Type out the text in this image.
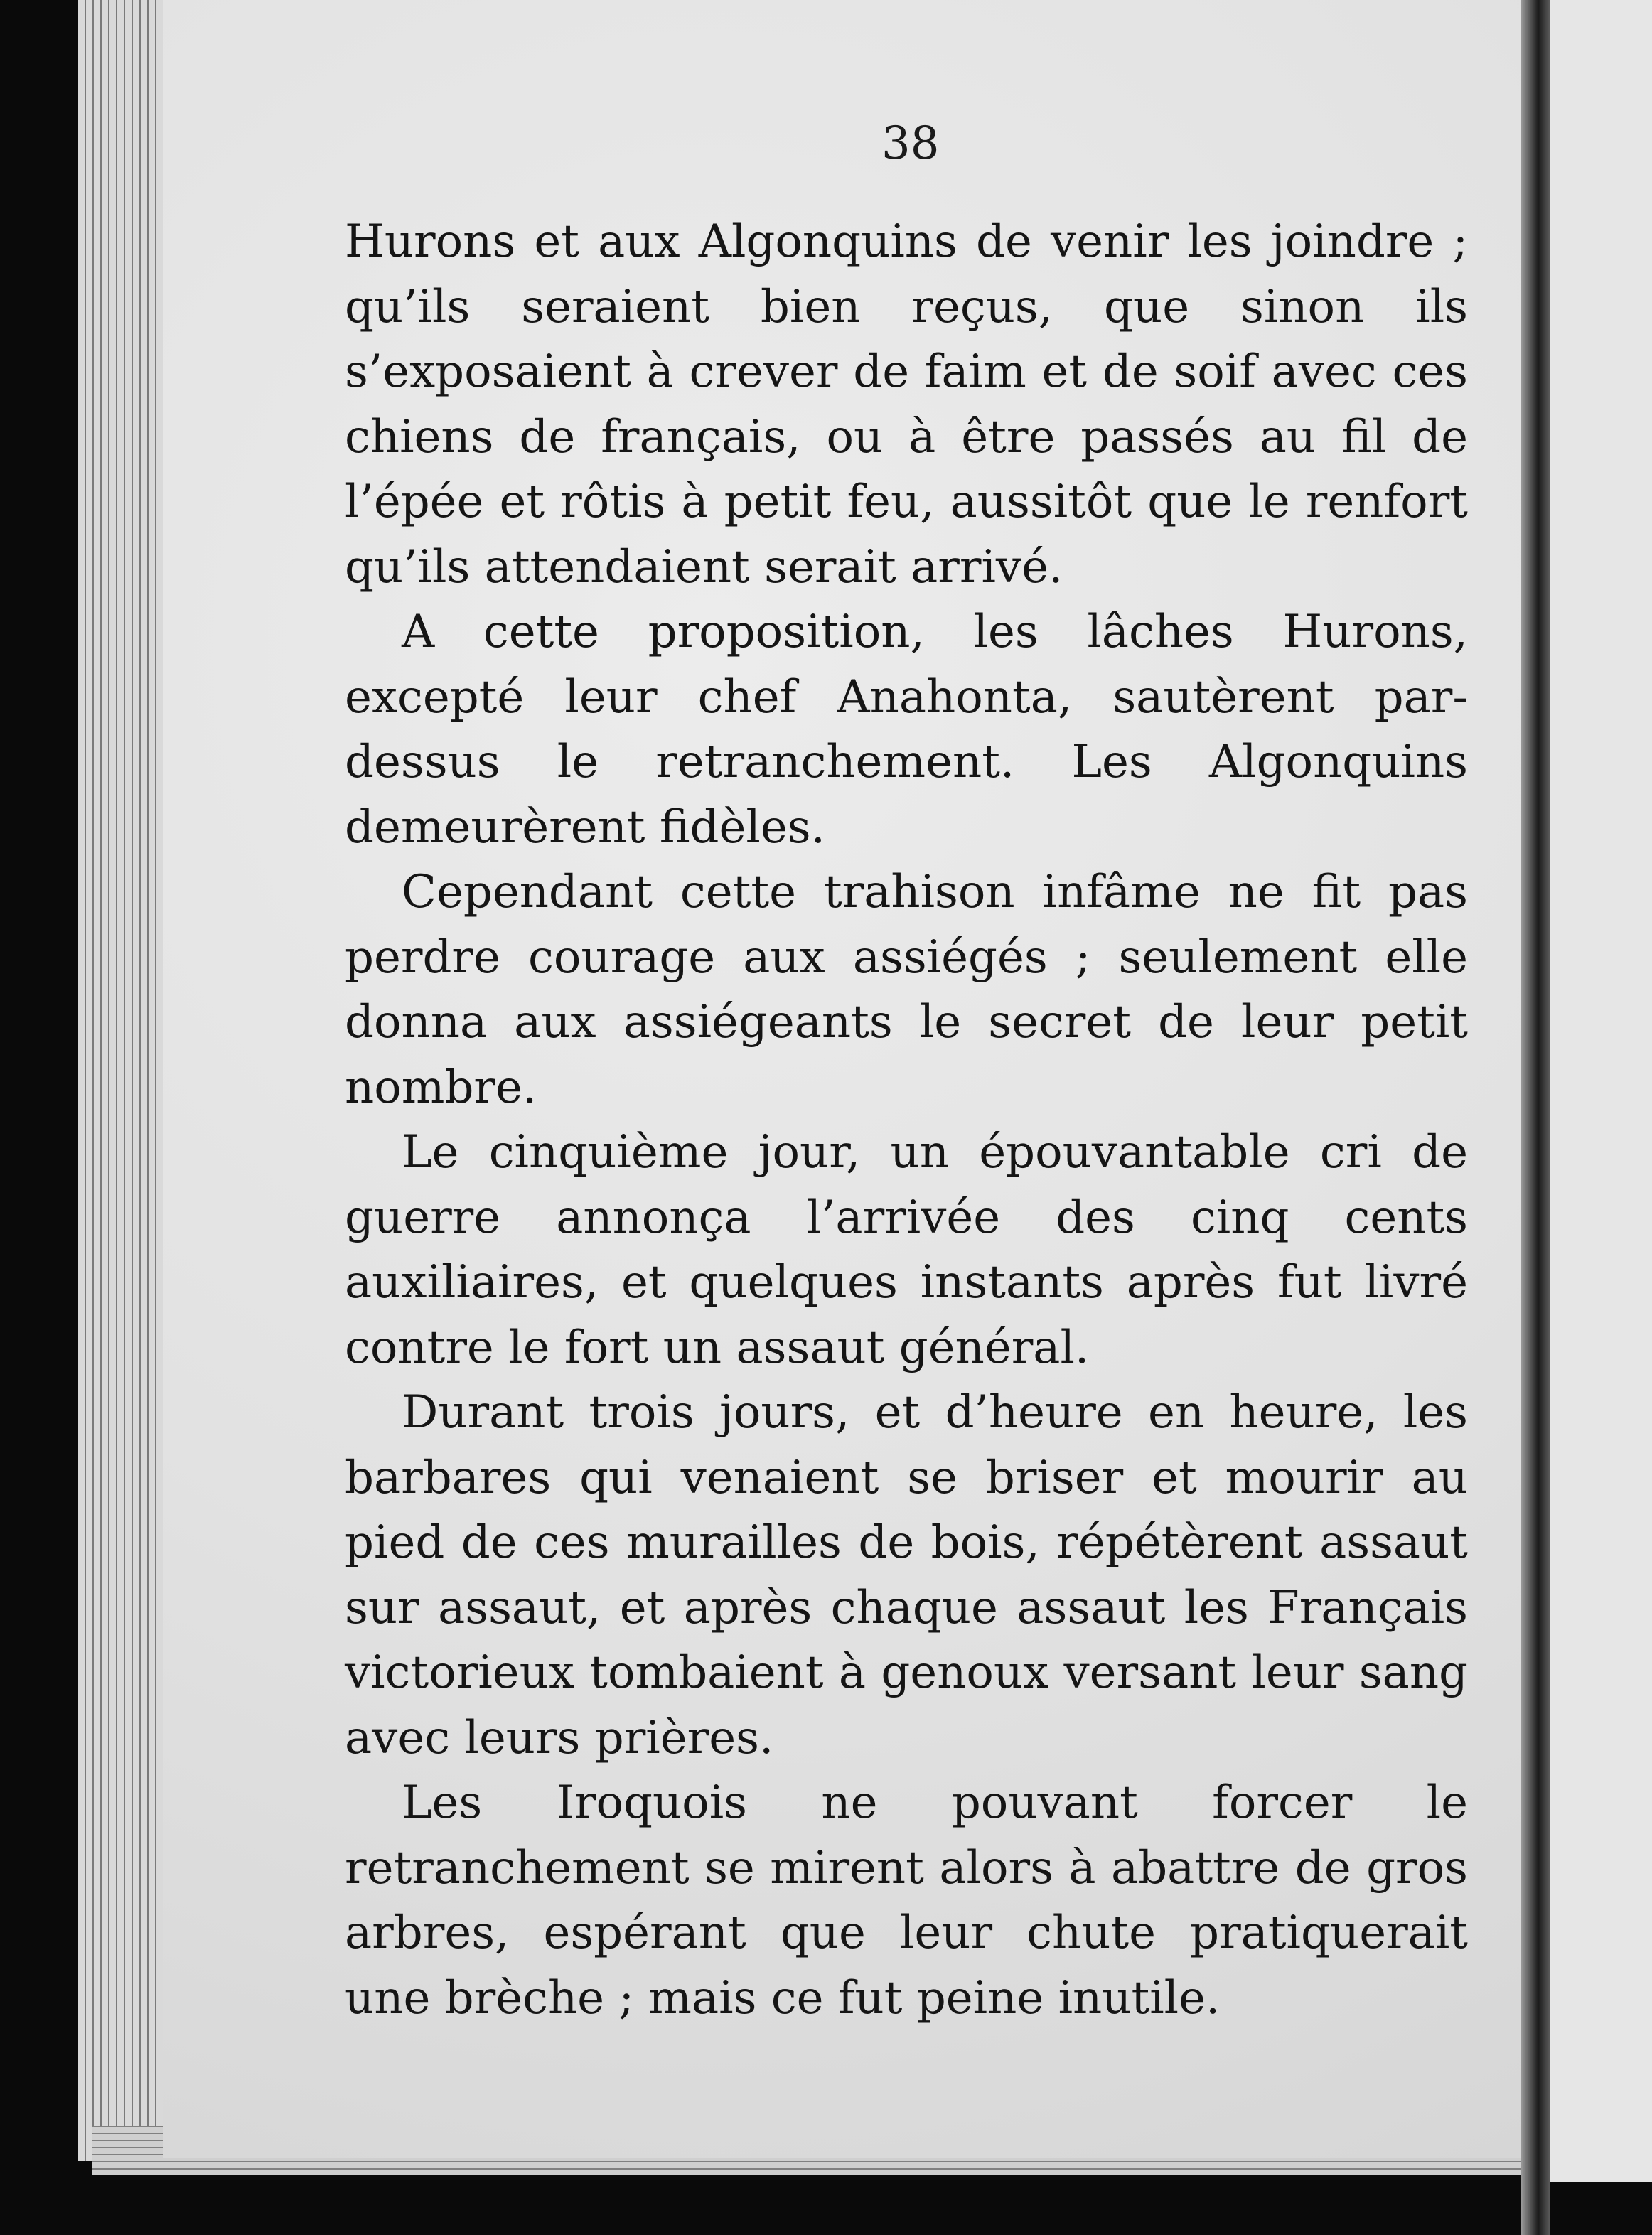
38

Hurons et aux Algonquins de venir les joindre ; qu’ils seraient bien reçus, que sinon ils s’exposaient à crever de faim et de soif avec ces chiens de français, ou à être passés au fil de l’épée et rôtis à petit feu, aussitôt que le renfort qu’ils attendaient serait arrivé.

A cette proposition, les lâches Hurons, excepté leur chef Anahonta, sautèrent par-dessus le retranchement. Les Algonquins demeurèrent fidèles.

Cependant cette trahison infâme ne fit pas perdre courage aux assiégés ; seulement elle donna aux assiégeants le secret de leur petit nombre.

Le cinquième jour, un épouvantable cri de guerre annonça l’arrivée des cinq cents auxiliaires, et quelques instants après fut livré contre le fort un assaut général.

Durant trois jours, et d’heure en heure, les barbares qui venaient se briser et mourir au pied de ces murailles de bois, répétèrent assaut sur assaut, et après chaque assaut les Français victorieux tombaient à genoux versant leur sang avec leurs prières.

Les Iroquois ne pouvant forcer le retranchement se mirent alors à abattre de gros arbres, espérant que leur chute pratiquerait une brèche ; mais ce fut peine inutile.
